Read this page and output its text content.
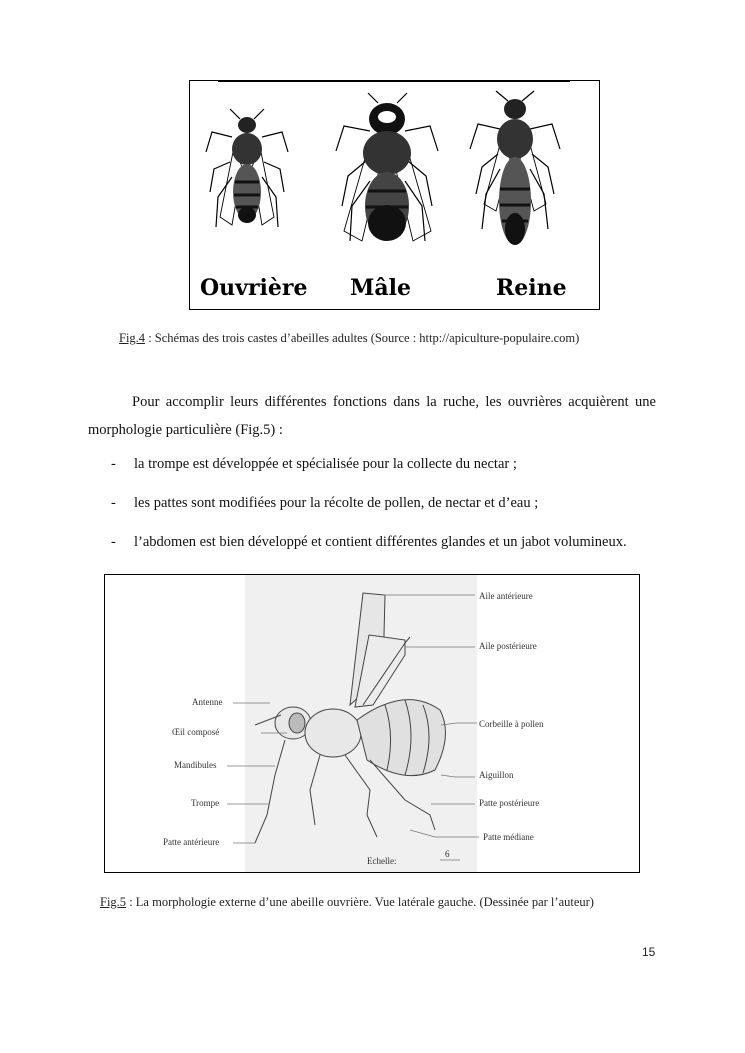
Ouvrière Mâle	Reine
Fig.4 : Schémas des trois castes d’abeilles adultes (Source : http://apiculture-populaire.com)
Pour accomplir leurs différentes fonctions dans la ruche, les ouvrières acquièrent une morphologie particulière (Fig.5) :
- la trompe est développée et spécialisée pour la collecte du nectar ;
- les pattes sont modifiées pour la récolte de pollen, de nectar et d’eau ;
- l’abdomen est bien développé et contient différentes glandes et un jabot volumineux.
Aile antérieure
Aile postérieure
Antenne
Œil composé
Mandibules
Trompe
Patte antérieure
Corbeille à pollen
Aiguillon
Patte postérieure
Patte médiane
Echelle:
6
Fig.5 : La morphologie externe d’une abeille ouvrière. Vue latérale gauche. (Dessinée par l’auteur)
15
